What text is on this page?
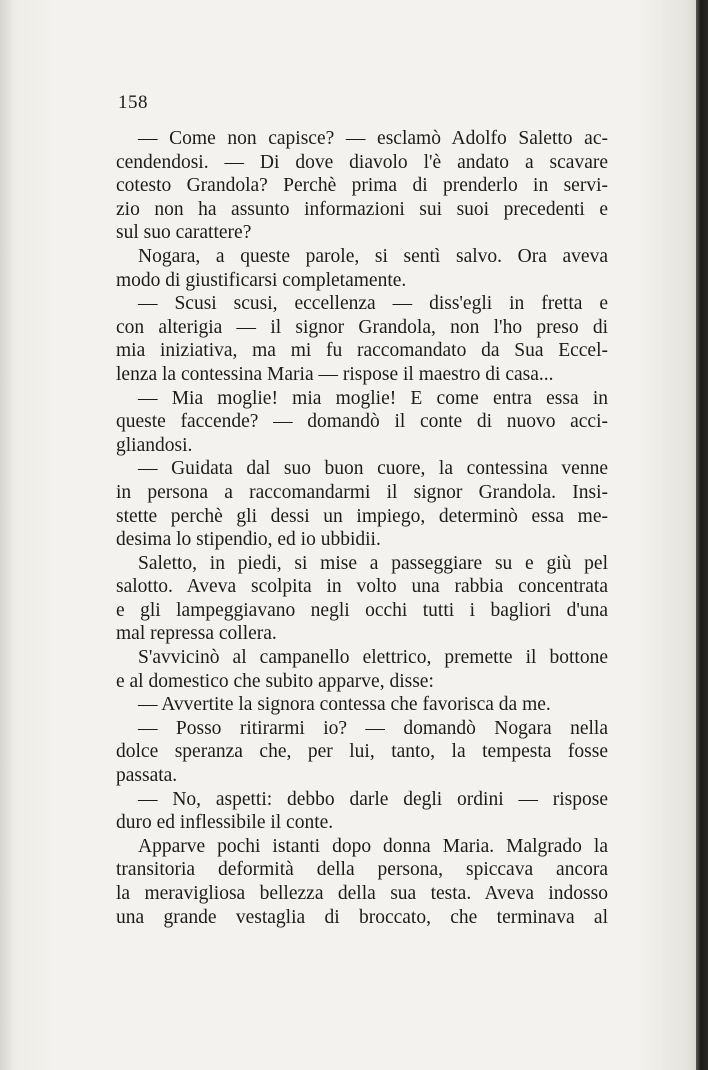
158

— Come non capisce? — esclamò Adolfo Saletto ac-
cendendosi. — Di dove diavolo l'è andato a scavare
cotesto Grandola? Perchè prima di prenderlo in servi-
zio non ha assunto informazioni sui suoi precedenti e
sul suo carattere?

Nogara, a queste parole, si sentì salvo. Ora aveva
modo di giustificarsi completamente.

— Scusi scusi, eccellenza — diss'egli in fretta e
con alterigia — il signor Grandola, non l'ho preso di
mia iniziativa, ma mi fu raccomandato da Sua Eccel-
lenza la contessina Maria — rispose il maestro di casa...

— Mia moglie! mia moglie! E come entra essa in
queste faccende? — domandò il conte di nuovo acci-
gliandosi.

— Guidata dal suo buon cuore, la contessina venne
in persona a raccomandarmi il signor Grandola. Insi-
stette perchè gli dessi un impiego, determinò essa me-
desima lo stipendio, ed io ubbidii.

Saletto, in piedi, si mise a passeggiare su e giù pel
salotto. Aveva scolpita in volto una rabbia concentrata
e gli lampeggiavano negli occhi tutti i bagliori d'una
mal repressa collera.

S'avvicinò al campanello elettrico, premette il bottone
e al domestico che subito apparve, disse:

— Avvertite la signora contessa che favorisca da me.

— Posso ritirarmi io? — domandò Nogara nella
dolce speranza che, per lui, tanto, la tempesta fosse
passata.

— No, aspetti: debbo darle degli ordini — rispose
duro ed inflessibile il conte.

Apparve pochi istanti dopo donna Maria. Malgrado la
transitoria deformità della persona, spiccava ancora
la meravigliosa bellezza della sua testa. Aveva indosso
una grande vestaglia di broccato, che terminava al
